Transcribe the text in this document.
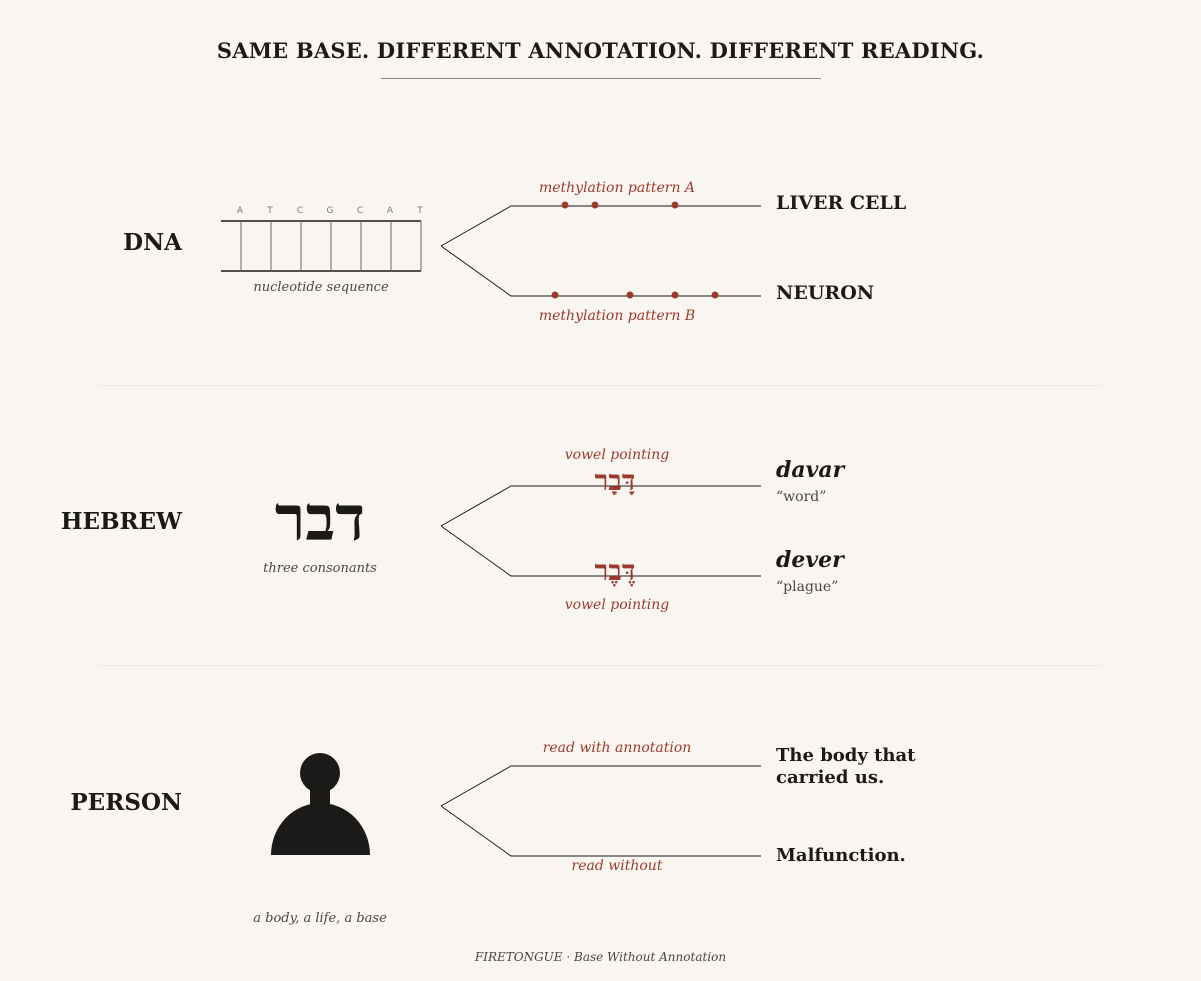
SAME BASE. DIFFERENT ANNOTATION. DIFFERENT READING.
DNA
A	T	C	G	C	A	T
nucleotide sequence
methylation pattern A
methylation pattern B
LIVER CELL
NEURON
HEBREW	דבר
three consonants
vowel pointing
דָּבָר
דֶּבֶר
vowel pointing
davar
“word”
dever
“plague”
PERSON
a body, a life, a base
read with annotation
read without
The body that
carried us.
Malfunction.
FIRETONGUE · Base Without Annotation
